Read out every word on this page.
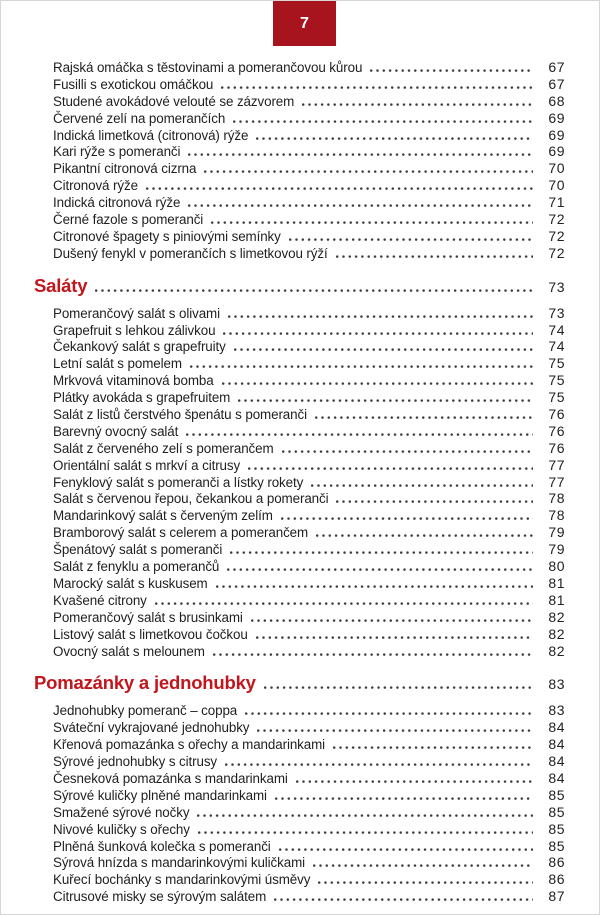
7
Rajská omáčka s těstovinami a pomerančovou kůrou	67
Fusilli s exotickou omáčkou	67
Studené avokádové velouté se zázvorem	68
Červené zelí na pomerančích	69
Indická limetková (citronová) rýže	69
Kari rýže s pomeranči	69
Pikantní citronová cizrna	70
Citronová rýže	70
Indická citronová rýže	71
Černé fazole s pomeranči	72
Citronové špagety s piniovými semínky	72
Dušený fenykl v pomerančích s limetkovou rýží	72
Saláty	73
Pomerančový salát s olivami	73
Grapefruit s lehkou zálivkou	74
Čekankový salát s grapefruity	74
Letní salát s pomelem	75
Mrkvová vitaminová bomba	75
Plátky avokáda s grapefruitem	75
Salát z listů čerstvého špenátu s pomeranči	76
Barevný ovocný salát	76
Salát z červeného zelí s pomerančem	76
Orientální salát s mrkví a citrusy	77
Fenyklový salát s pomeranči a lístky rokety	77
Salát s červenou řepou, čekankou a pomeranči	78
Mandarinkový salát s červeným zelím	78
Bramborový salát s celerem a pomerančem	79
Špenátový salát s pomeranči	79
Salát z fenyklu a pomerančů	80
Marocký salát s kuskusem	81
Kvašené citrony	81
Pomerančový salát s brusinkami	82
Listový salát s limetkovou čočkou	82
Ovocný salát s melounem	82
Pomazánky a jednohubky	83
Jednohubky pomeranč – coppa	83
Sváteční vykrajované jednohubky	84
Křenová pomazánka s ořechy a mandarinkami	84
Sýrové jednohubky s citrusy	84
Česneková pomazánka s mandarinkami	84
Sýrové kuličky plněné mandarinkami	85
Smažené sýrové nočky	85
Nivové kuličky s ořechy	85
Plněná šunková kolečka s pomeranči	85
Sýrová hnízda s mandarinkovými kuličkami	86
Kuřecí bochánky s mandarinkovými úsměvy	86
Citrusové misky se sýrovým salátem	87
